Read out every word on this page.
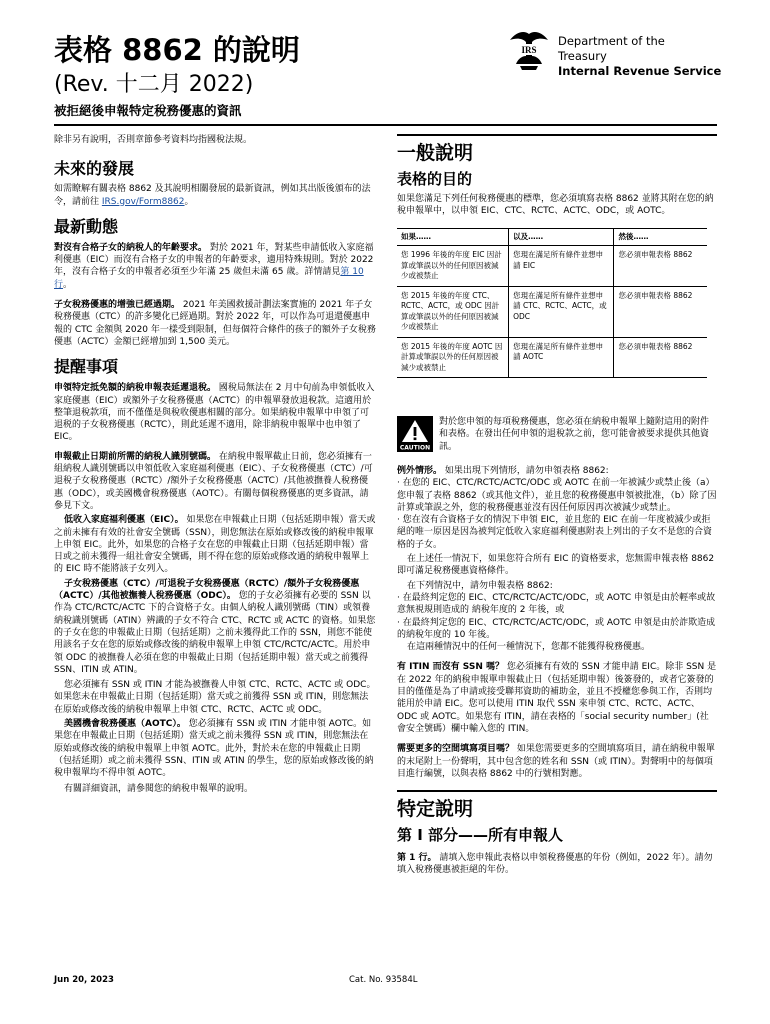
表格 8862 的說明
(Rev. 十二月 2022)
被拒絕後申報特定稅務優惠的資訊
IRS
Department of the
Treasury
Internal Revenue Service

除非另有說明，否則章節參考資料均指國稅法規。

未來的發展

如需瞭解有關表格 8862 及其說明相關發展的最新資訊，例如其出版後頒布的法令，請前往 IRS.gov/Form8862。

最新動態

對沒有合格子女的納稅人的年齡要求。 對於 2021 年，對某些申請低收入家庭福利優惠（EIC）而沒有合格子女的申報者的年齡要求，適用特殊規則。對於 2022 年，沒有合格子女的申報者必須至少年滿 25 歲但未滿 65 歲。詳情請見第 10 行。

子女稅務優惠的增強已經過期。 2021 年美國救援計劃法案實施的 2021 年子女稅務優惠（CTC）的許多變化已經過期。對於 2022 年，可以作為可退還優惠申報的 CTC 金額與 2020 年一樣受到限制，但每個符合條件的孩子的額外子女稅務優惠（ACTC）金額已經增加到 1,500 美元。

提醒事項

申領特定抵免額的納稅申報表延遲退稅。 國稅局無法在 2 月中旬前為申領低收入家庭優惠（EIC）或額外子女稅務優惠（ACTC）的申報單發放退稅款。這適用於整筆退稅款項，而不僅僅是與稅收優惠相關的部分。如果納稅申報單中申領了可退税的子女稅務優惠（RCTC），則此延遲不適用，除非納稅申報單中也申領了 EIC。

申報截止日期前所需的納稅人識別號碼。 在納稅申報單截止日前，您必須擁有一組納稅人識別號碼以申領低收入家庭福利優惠（EIC）、子女稅務優惠（CTC）/可退稅子女稅務優惠（RCTC）/額外子女稅務優惠（ACTC）/其他被撫養人稅務優惠（ODC），或美國機會稅務優惠（AOTC）。有關每個稅務優惠的更多資訊，請參見下文。

低收入家庭福利優惠（EIC）。 如果您在申報截止日期（包括延期申報）當天或之前未擁有有效的社會安全號碼（SSN），則您無法在原始或修改後的納稅申報單上申領 EIC。此外，如果您的合格子女在您的申報截止日期（包括延期申報）當日或之前未獲得一組社會安全號碼，則不得在您的原始或修改過的納稅申報單上的 EIC 時不能將該子女列入。

子女稅務優惠（CTC）/可退稅子女稅務優惠（RCTC）/額外子女稅務優惠（ACTC）/其他被撫養人稅務優惠（ODC）。 您的子女必須擁有必要的 SSN 以作為 CTC/RCTC/ACTC 下的合資格子女。由個人納稅人識別號碼（TIN）或領養納稅識別號碼（ATIN）辨識的子女不符合 CTC、RCTC 或 ACTC 的資格。如果您的子女在您的申報截止日期（包括延期）之前未獲得此工作的 SSN，則您不能使用該名子女在您的原始或修改後的納稅申報單上申領 CTC/RCTC/ACTC。用於申領 ODC 的被撫養人必須在您的申報截止日期（包括延期申報）當天或之前獲得 SSN、ITIN 或 ATIN。

您必須擁有 SSN 或 ITIN 才能為被撫養人申領 CTC、RCTC、ACTC 或 ODC。如果您未在申報截止日期（包括延期）當天或之前獲得 SSN 或 ITIN，則您無法在原始或修改後的納稅申報單上申領 CTC、RCTC、ACTC 或 ODC。

美國機會稅務優惠（AOTC）。 您必須擁有 SSN 或 ITIN 才能申領 AOTC。如果您在申報截止日期（包括延期）當天或之前未獲得 SSN 或 ITIN，則您無法在原始或修改後的納稅申報單上申領 AOTC。此外，對於未在您的申報截止日期（包括延期）或之前未獲得 SSN、ITIN 或 ATIN 的學生，您的原始或修改後的納稅申報單均不得申領 AOTC。

有關詳細資訊，請參閱您的納稅申報單的說明。

一般說明
表格的目的

如果您滿足下列任何稅務優惠的標準，您必須填寫表格 8862 並將其附在您的納稅申報單中，以申領 EIC、CTC、RCTC、ACTC、ODC，或 AOTC。

如果……	以及……	然後……
您 1996 年後的年度 EIC 因計算或筆誤以外的任何原因被減少或被禁止	您現在滿足所有條件並想申請 EIC	您必須申報表格 8862
您 2015 年後的年度 CTC、RCTC、ACTC，或 ODC 因計算或筆誤以外的任何原因被減少或被禁止	您現在滿足所有條件並想申請 CTC、RCTC、ACTC，或 ODC	您必須申報表格 8862
您 2015 年後的年度 AOTC 因計算或筆誤以外的任何原因被減少或被禁止	您現在滿足所有條件並想申請 AOTC	您必須申報表格 8862
CAUTION

對於您申領的每項稅務優惠，您必須在納稅申報單上隨附這用的附件和表格。在發出任何申領的退稅款之前，您可能會被要求提供其他資訊。

例外情形。 如果出現下列情形，請勿申領表格 8862:

· 在您的 EIC、CTC/RCTC/ACTC/ODC 或 AOTC 在前一年被減少或禁止後（a）您申報了表格 8862（或其他文件），並且您的稅務優惠申領被批准，（b）除了因計算或筆誤之外，您的稅務優惠並沒有因任何原因再次被減少或禁止。

· 您在沒有合資格子女的情況下申領 EIC，並且您的 EIC 在前一年度被減少或拒絕的唯一原因是因為被判定低收入家庭福利優惠附表上列出的子女不是您的合資格的子女。

在上述任一情況下，如果您符合所有 EIC 的資格要求，您無需申報表格 8862 即可滿足稅務優惠資格條件。

在下列情況中，請勿申報表格 8862:

· 在最終判定您的 EIC、CTC/RCTC/ACTC/ODC，或 AOTC 申領是由於輕率或故意無視規則造成的 納稅年度的 2 年後，或

· 在最終判定您的 EIC、CTC/RCTC/ACTC/ODC，或 AOTC 申領是由於詐欺造成的納稅年度的 10 年後。

在這兩種情況中的任何一種情況下，您都不能獲得稅務優惠。

有 ITIN 而沒有 SSN 嗎？ 您必須擁有有效的 SSN 才能申請 EIC。除非 SSN 是在 2022 年的納稅申報單申報截止日（包括延期申報）後簽發的，或者它簽發的目的僅僅是為了申請或接受聯邦資助的補助金，並且不授權您參與工作，否則均能用於申請 EIC。您可以使用 ITIN 取代 SSN 來申領 CTC、RCTC、ACTC、ODC 或 AOTC。如果您有 ITIN，請在表格的「social security number」(社會安全號碼）欄中輸入您的 ITIN。

需要更多的空間填寫項目嗎？ 如果您需要更多的空間填寫項目，請在納稅申報單的末尾附上一份聲明，其中包含您的姓名和 SSN（或 ITIN）。對聲明中的每個項目進行編號，以與表格 8862 中的行號相對應。

特定說明
第 I 部分——所有申報人

第 1 行。 請填入您申報此表格以申領稅務優惠的年份（例如，2022 年）。請勿填入稅務優惠被拒絕的年份。

Jun 20, 2023	Cat. No. 93584L
